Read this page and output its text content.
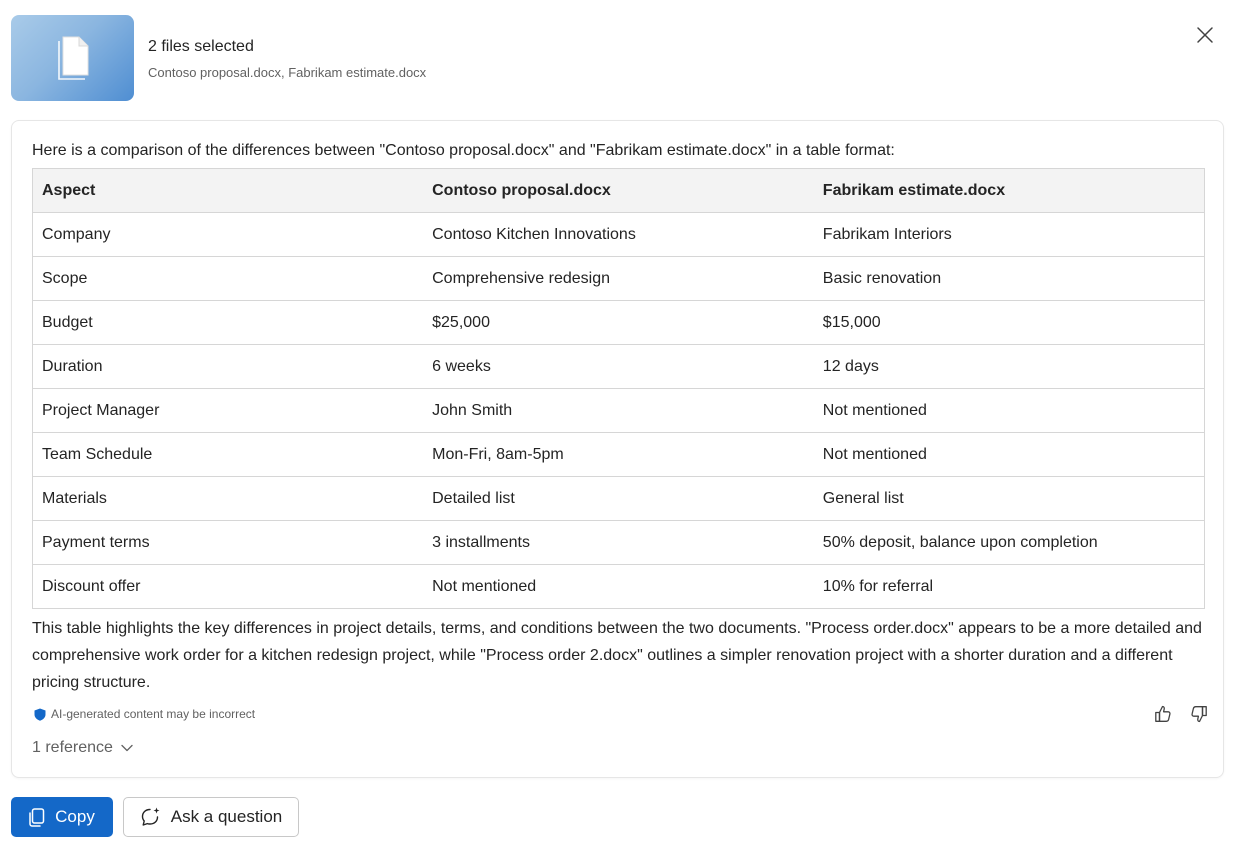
2 files selected
Contoso proposal.docx, Fabrikam estimate.docx
Here is a comparison of the differences between "Contoso proposal.docx" and "Fabrikam estimate.docx" in a table format:
Aspect	Contoso proposal.docx	Fabrikam estimate.docx
Company	Contoso Kitchen Innovations	Fabrikam Interiors
Scope	Comprehensive redesign	Basic renovation
Budget	$25,000	$15,000
Duration	6 weeks	12 days
Project Manager	John Smith	Not mentioned
Team Schedule	Mon-Fri, 8am-5pm	Not mentioned
Materials	Detailed list	General list
Payment terms	3 installments	50% deposit, balance upon completion
Discount offer	Not mentioned	10% for referral
This table highlights the key differences in project details, terms, and conditions between the two documents. "Process order.docx" appears to be a more detailed and comprehensive work order for a kitchen redesign project, while "Process order 2.docx" outlines a simpler renovation project with a shorter duration and a different pricing structure.
AI-generated content may be incorrect
1 reference
Copy	Ask a question
